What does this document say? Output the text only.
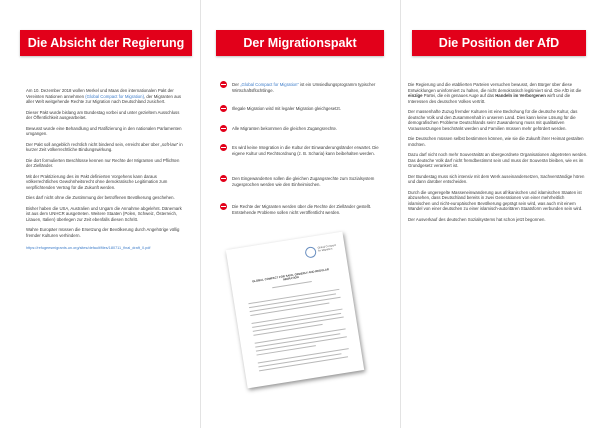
Die Absicht der Regierung

Am 10. Dezember 2018 wollen Merkel und Maas den internationalen Pakt der Vereinten Nationen annehmen (Global Compact for Migration), der Migranten aus aller Welt weitgehende Rechte zur Migration nach Deutschland zusichert.

Dieser Pakt wurde bislang am Bundestag vorbei und unter gezieltem Ausschluss der Öffentlichkeit ausgearbeitet.

Bewusst wurde eine Behandlung und Ratifizierung in den nationalen Parlamenten umgangen.

Der Pakt soll angeblich rechtlich nicht bindend sein, erreicht aber über „soft-law“ in kurzer Zeit völkerrechtliche Bindungswirkung.

Die dort formulierten Beschlüsse kennen nur Rechte der Migranten und Pflichten der Zielländer.

Mit der Praktizierung des im Pakt definierten Vorgehens kann daraus völkerrechtliches Gewohnheitsrecht ohne demokratische Legitimation zum verpflichtenden Vertrag für die Zukunft werden.

Dies darf nicht ohne die Zustimmung der betroffenen Bevölkerung geschehen.

Bisher haben die USA, Australien und Ungarn die Annahme abgelehnt. Dänemark ist aus dem UNHCR ausgetreten. Weitere Staaten (Polen, Schweiz, Österreich, Litauen, Italien) überlegen zur Zeit ebenfalls diesen Schritt.

Wahre Europäer müssen die Ersetzung der Bevölkerung durch Angehörige völlig fremder Kulturen verhindern.

https://refugeesmigrants.un.org/sites/default/files/180711_final_draft_0.pdf

Der Migrationspakt
Der „Global Compact for Migration“ ist ein Umsiedlungsprogramm typischer Wirtschaftsflüchtlinge.
Illegale Migration wird mit legaler Migration gleichgesetzt.
Alle Migranten bekommen die gleichen Zugangsrechte.
Es wird keine Integration in die Kultur der Einwanderungsländer erwartet. Die eigene Kultur und Rechtsordnung (z. B. Scharia) kann beibehalten werden.
Den Eingewanderten sollen die gleichen Zugangsrechte zum Sozialsystem zugesprochen werden wie den Einheimischen.
Die Rechte der Migranten werden über die Rechte der Zielländer gestellt. Entstehende Probleme sollen nicht veröffentlicht werden.
Global Compact for Migration
GLOBAL COMPACT FOR SAFE, ORDERLY AND REGULAR MIGRATION
Die Position der AfD

Die Regierung und die etablierten Parteien versuchen bewusst, den Bürger über diese Entwicklungen uninformiert zu halten, die nicht demokratisch legitimiert sind. Die AfD ist die einzige Partei, die ein genaues Auge auf das Handeln im Verborgenen wirft und die Interessen des deutschen Volkes vertritt.

Der massenhafte Zuzug fremder Kulturen ist eine Bedrohung für die deutsche Kultur, das deutsche Volk und den Zusammenhalt in unserem Land. Dies kann keine Lösung für die demografischen Probleme Deutschlands sein! Zuwanderung muss mit qualitativen Voraussetzungen beschränkt werden und Familien müssen mehr gefördert werden.

Die Deutschen müssen selbst bestimmen können, wie sie die Zukunft ihrer Heimat gestalten möchten.

Dazu darf nicht noch mehr Souveränität an übergeordnete Organisationen abgetreten werden. Das deutsche Volk darf nicht fremdbestimmt sein und muss der Souverän bleiben, wie es im Grundgesetz verankert ist.

Der Bundestag muss sich intensiv mit dem Werk auseinandersetzen, Sachverständige hören und dann darüber entscheiden.

Durch die ungeregelte Masseneinwanderung aus afrikanischen und islamischen Staaten ist abzusehen, dass Deutschland bereits in zwei Generationen von einer mehrheitlich islamischen und nicht-europäischen Bevölkerung geprägt sein wird, was auch mit einem Wandel von einer deutschen zu einer islamisch-autoritären Staatsform verbunden sein wird.

Der Ausverkauf des deutschen Sozialsystems hat schon jetzt begonnen.
